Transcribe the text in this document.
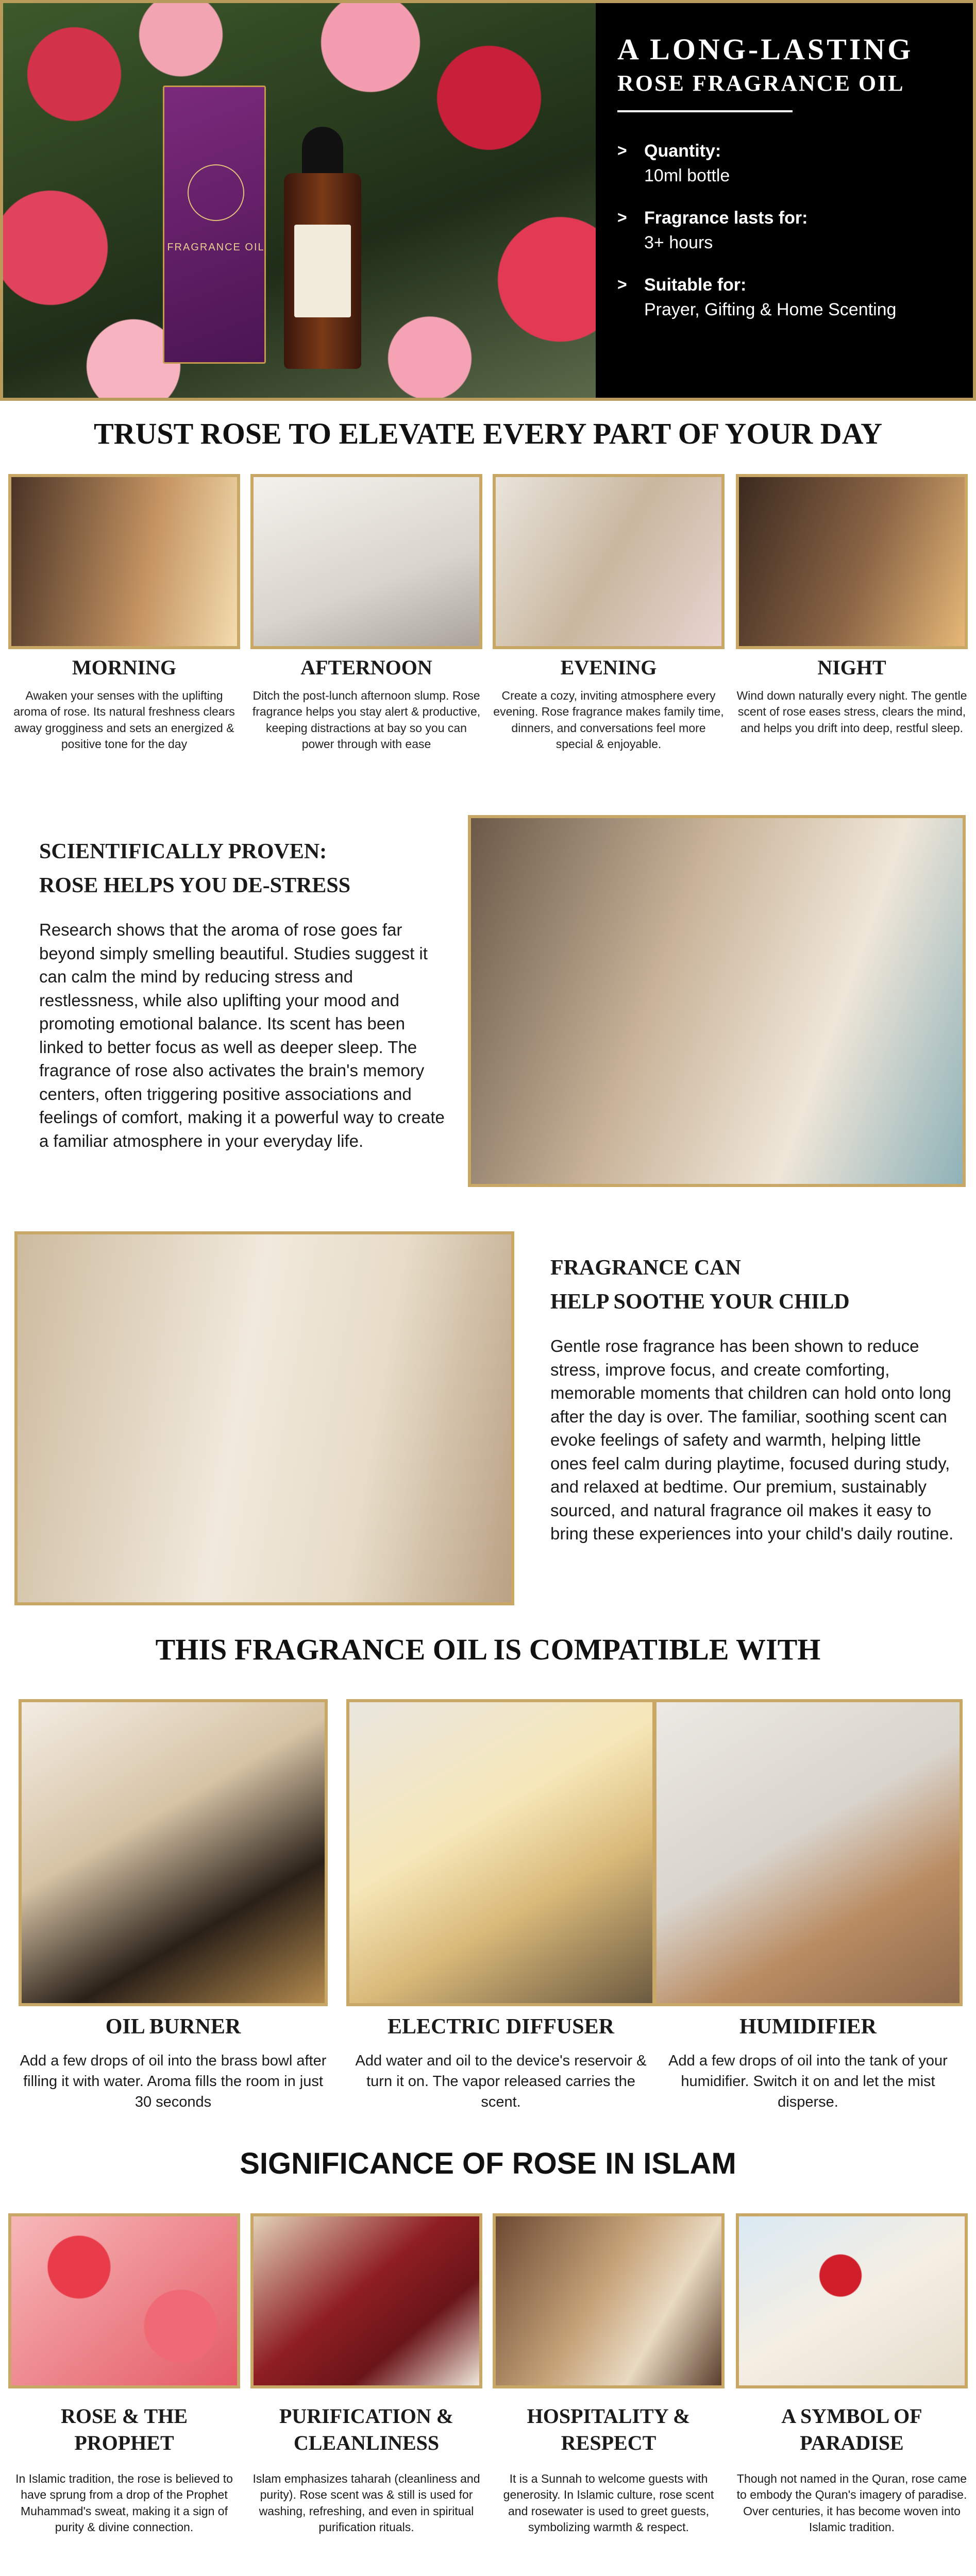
FRAGRANCE OIL
A LONG-LASTING
ROSE FRAGRANCE OIL
> Quantity:
10ml bottle
> Fragrance lasts for:
3+ hours
> Suitable for:
Prayer, Gifting & Home Scenting
TRUST ROSE TO ELEVATE EVERY PART OF YOUR DAY
MORNING
Awaken your senses with the uplifting aroma of rose. Its natural freshness clears away grogginess and sets an energized & positive tone for the day
AFTERNOON
Ditch the post-lunch afternoon slump. Rose fragrance helps you stay alert & productive, keeping distractions at bay so you can power through with ease
EVENING
Create a cozy, inviting atmosphere every evening. Rose fragrance makes family time, dinners, and conversations feel more special & enjoyable.
NIGHT
Wind down naturally every night. The gentle scent of rose eases stress, clears the mind, and helps you drift into deep, restful sleep.
SCIENTIFICALLY PROVEN:
ROSE HELPS YOU DE-STRESS
Research shows that the aroma of rose goes far beyond simply smelling beautiful. Studies suggest it can calm the mind by reducing stress and restlessness, while also uplifting your mood and promoting emotional balance. Its scent has been linked to better focus as well as deeper sleep. The fragrance of rose also activates the brain's memory centers, often triggering positive associations and feelings of comfort, making it a powerful way to create a familiar atmosphere in your everyday life.
FRAGRANCE CAN
HELP SOOTHE YOUR CHILD
Gentle rose fragrance has been shown to reduce stress, improve focus, and create comforting, memorable moments that children can hold onto long after the day is over. The familiar, soothing scent can evoke feelings of safety and warmth, helping little ones feel calm during playtime, focused during study, and relaxed at bedtime. Our premium, sustainably sourced, and natural fragrance oil makes it easy to bring these experiences into your child's daily routine.
THIS FRAGRANCE OIL IS COMPATIBLE WITH
OIL BURNER
Add a few drops of oil into the brass bowl after filling it with water. Aroma fills the room in just 30 seconds
ELECTRIC DIFFUSER
Add water and oil to the device's reservoir & turn it on. The vapor released carries the scent.
HUMIDIFIER
Add a few drops of oil into the tank of your humidifier. Switch it on and let the mist disperse.
SIGNIFICANCE OF ROSE IN ISLAM
ROSE & THE
PROPHET
In Islamic tradition, the rose is believed to have sprung from a drop of the Prophet Muhammad's sweat, making it a sign of purity & divine connection.
PURIFICATION &
CLEANLINESS
Islam emphasizes taharah (cleanliness and purity). Rose scent was & still is used for washing, refreshing, and even in spiritual purification rituals.
HOSPITALITY &
RESPECT
It is a Sunnah to welcome guests with generosity. In Islamic culture, rose scent and rosewater is used to greet guests, symbolizing warmth & respect.
A SYMBOL OF
PARADISE
Though not named in the Quran, rose came to embody the Quran's imagery of paradise. Over centuries, it has become woven into Islamic tradition.
